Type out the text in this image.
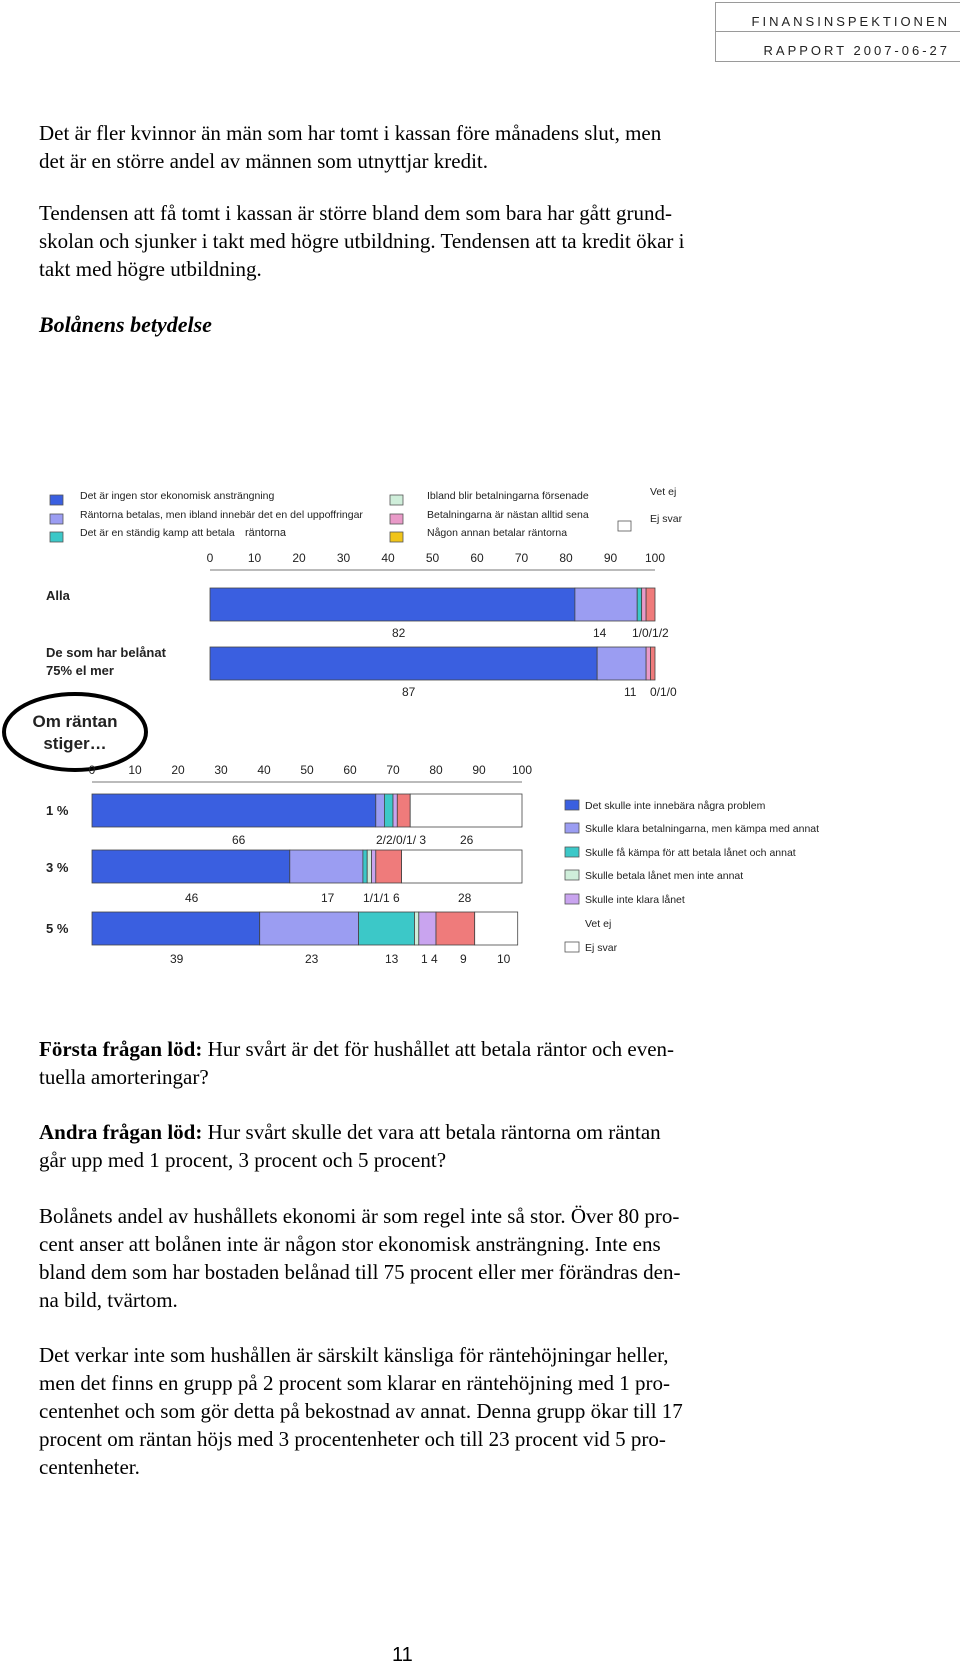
FINANSINSPEKTIONEN
RAPPORT 2007-06-27

Det är fler kvinnor än män som har tomt i kassan före månadens slut, men
det är en större andel av männen som utnyttjar kredit.

Tendensen att få tomt i kassan är större bland dem som bara har gått grund-
skolan och sjunker i takt med högre utbildning. Tendensen att ta kredit ökar i
takt med högre utbildning.

Bolånens betydelse

Det är ingen stor ekonomisk ansträngning
Räntorna betalas, men ibland innebär det en del uppoffringar
Det är en ständig kamp att betala räntorna
Ibland blir betalningarna försenade
Betalningarna är nästan alltid sena
Någon annan betalar räntorna
Vet ej
Ej svar
0	10	20	30	40	50	60	70	80	90 100
Alla
De som har belånat
75% el mer
82	14 1/0/1/2
87	11 0/1/0
Om räntan
stiger…
0	10 20 30 40 50 60 70 80 90 100
1 %
3 %
5 %
66	2/2/0/1/ 3	26
46	17 1/1/1 6	28
39	23	13 1 4 9	10
Det skulle inte innebära några problem
Skulle klara betalningarna, men kämpa med annat
Skulle få kämpa för att betala lånet och annat
Skulle betala lånet men inte annat
Skulle inte klara lånet
Vet ej
Ej svar

Första frågan löd: Hur svårt är det för hushållet att betala räntor och even-
tuella amorteringar?

Andra frågan löd: Hur svårt skulle det vara att betala räntorna om räntan
går upp med 1 procent, 3 procent och 5 procent?

Bolånets andel av hushållets ekonomi är som regel inte så stor. Över 80 pro-
cent anser att bolånen inte är någon stor ekonomisk ansträngning. Inte ens
bland dem som har bostaden belånad till 75 procent eller mer förändras den-
na bild, tvärtom.

Det verkar inte som hushållen är särskilt känsliga för räntehöjningar heller,
men det finns en grupp på 2 procent som klarar en räntehöjning med 1 pro-
centenhet och som gör detta på bekostnad av annat. Denna grupp ökar till 17
procent om räntan höjs med 3 procentenheter och till 23 procent vid 5 pro-
centenheter.

11
